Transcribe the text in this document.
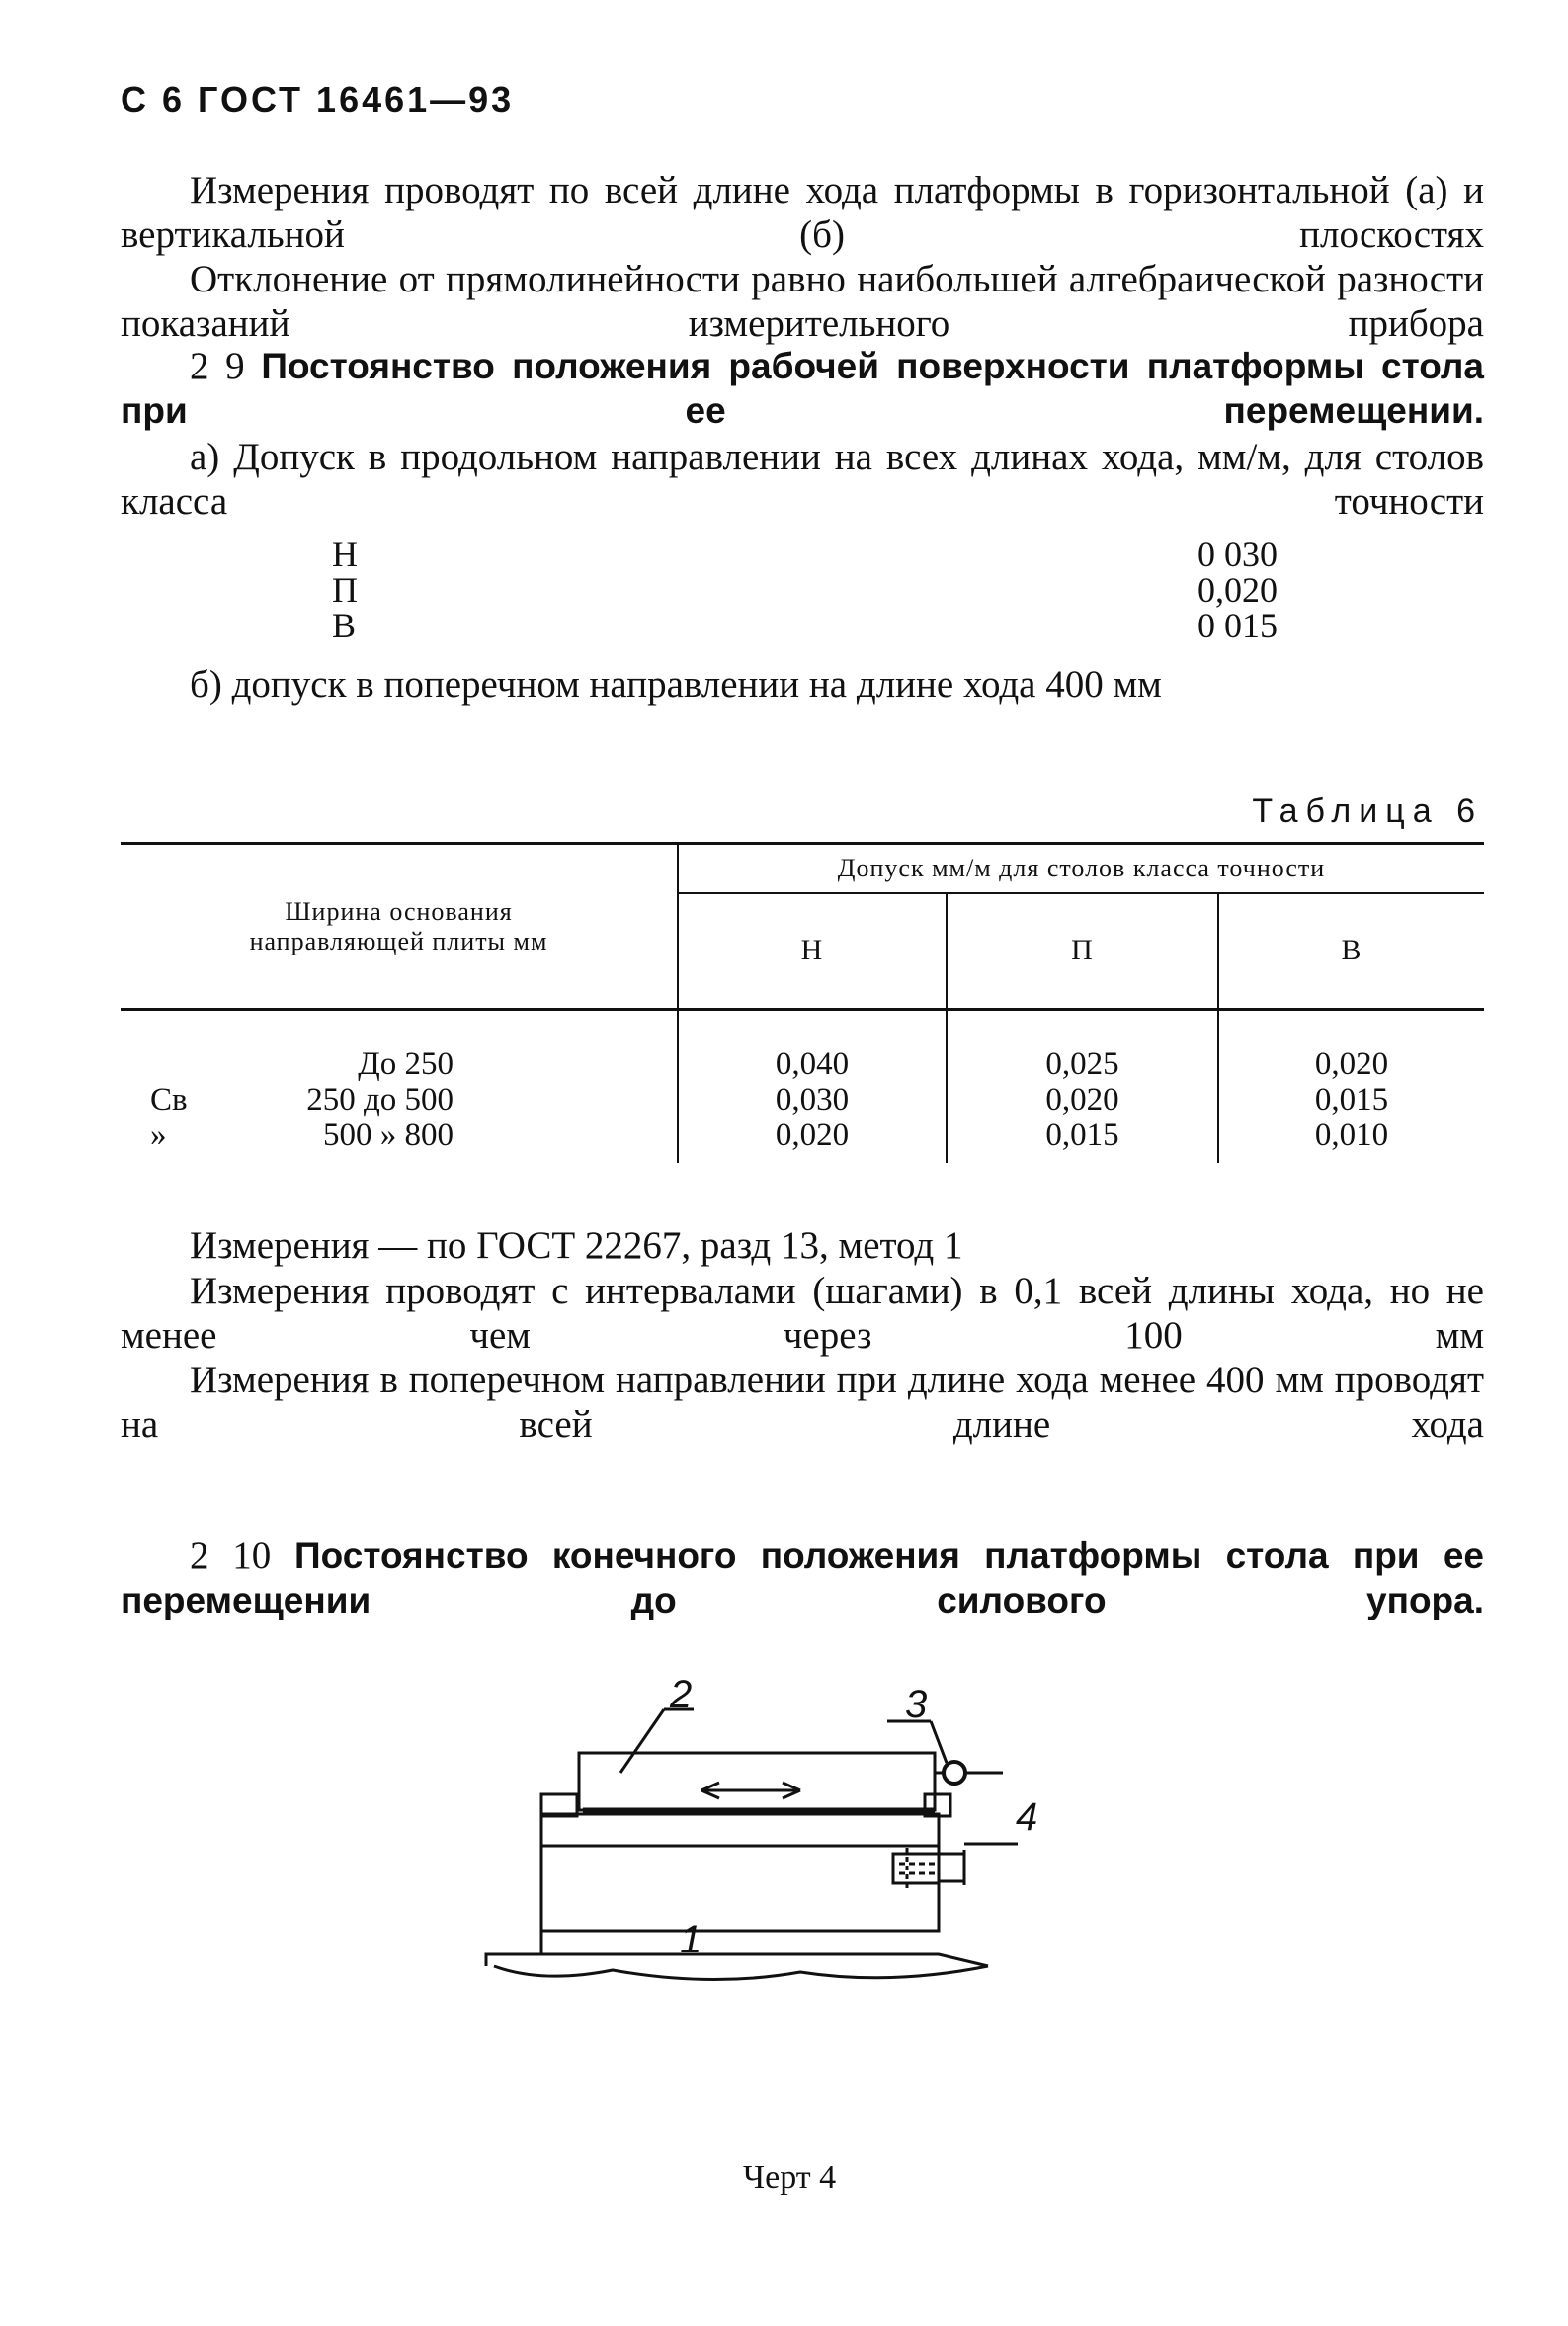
С 6 ГОСТ 16461—93
Измерения проводят по всей длине хода платформы в горизонтальной (а) и вертикальной (б) плоскостях
Отклонение от прямолинейности равно наибольшей алгебраической разности показаний измерительного прибора
2 9 Постоянство положения рабочей поверхности платформы стола при ее перемещении.
а) Допуск в продольном направлении на всех длинах хода, мм/м, для столов класса точности
Н	0 030
П	0,020
В	0 015
б) допуск в поперечном направлении на длине хода 400 мм
Таблица 6
Ширина основания направляющей плиты мм	Допуск мм/м для столов класса точности		
	Н	П	В

До 250	0,040	0,025	0,020

Св 250 до 500	0,030	0,020	0,015

» 500 » 800	0,020	0,015	0,010
Измерения — по ГОСТ 22267, разд 13, метод 1
Измерения проводят с интервалами (шагами) в 0,1 всей длины хода, но не менее чем через 100 мм
Измерения в поперечном направлении при длине хода менее 400 мм проводят на всей длине хода
2 10 Постоянство конечного положения платформы стола при ее перемещении до силового упора.
1
2	3
4
Черт 4
